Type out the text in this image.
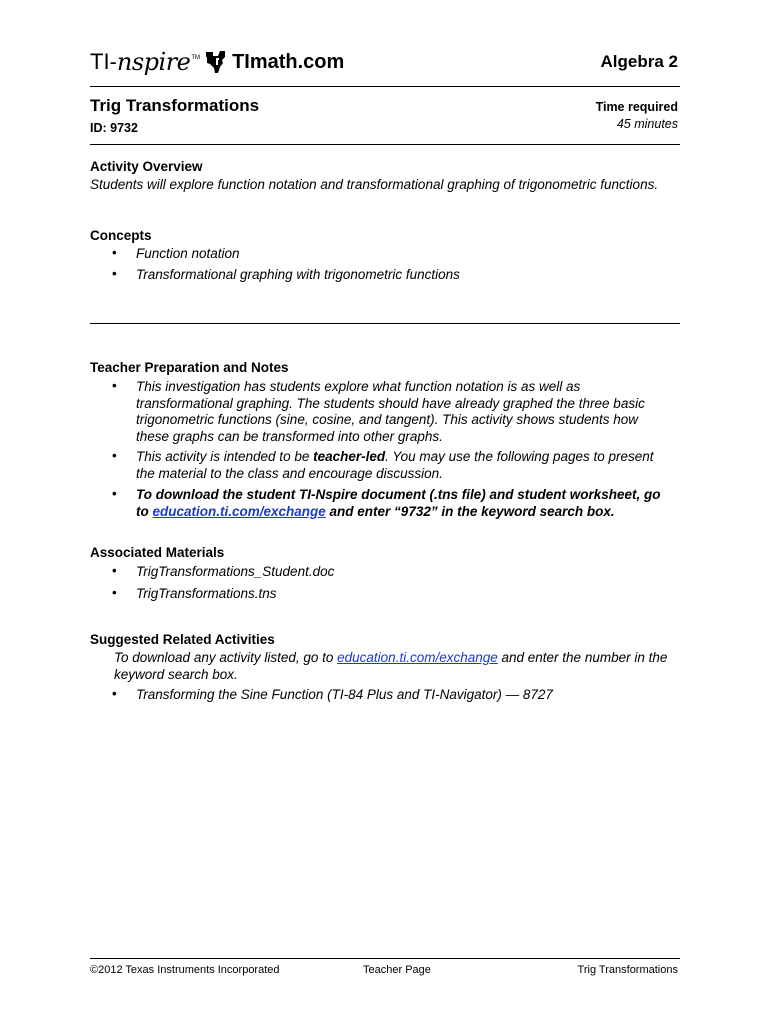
TI- nspire TM TImath.com	Algebra 2
Trig Transformations
ID: 9732
Time required
45 minutes
Activity Overview
Students will explore function notation and transformational graphing of trigonometric functions.
Concepts
• Function notation
• Transformational graphing with trigonometric functions
Teacher Preparation and Notes
• This investigation has students explore what function notation is as well as transformational graphing. The students should have already graphed the three basic trigonometric functions (sine, cosine, and tangent). This activity shows students how these graphs can be transformed into other graphs.
• This activity is intended to be teacher-led. You may use the following pages to present the material to the class and encourage discussion.
• To download the student TI-Nspire document (.tns file) and student worksheet, go to education.ti.com/exchange and enter “9732” in the keyword search box.
Associated Materials
• TrigTransformations_Student.doc
• TrigTransformations.tns
Suggested Related Activities
To download any activity listed, go to education.ti.com/exchange and enter the number in the keyword search box.
• Transforming the Sine Function (TI-84 Plus and TI-Navigator) — 8727
©2012 Texas Instruments Incorporated	Teacher Page	Trig Transformations
